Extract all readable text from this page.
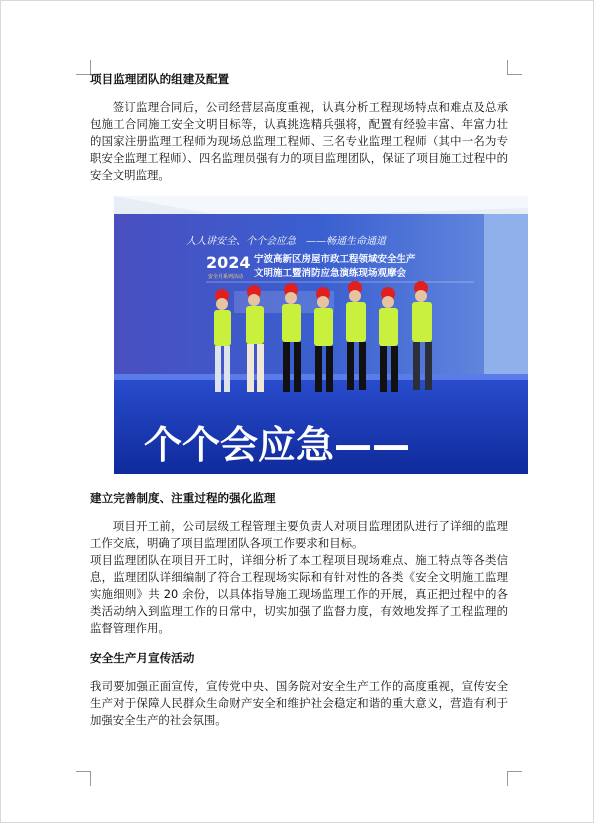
项目监理团队的组建及配置

签订监理合同后，公司经营层高度重视，认真分析工程现场特点和难点及总承包施工合同施工安全文明目标等，认真挑选精兵强将，配置有经验丰富、年富力壮的国家注册监理工程师为现场总监理工程师、三名专业监理工程师（其中一名为专职安全监理工程师）、四名监理员强有力的项目监理团队，保证了项目施工过程中的安全文明监理。

人人讲安全、个个会应急　——畅通生命通道
2024
安全月系列活动
宁波高新区房屋市政工程领域安全生产
文明施工暨消防应急演练现场观摩会
个个会应急——

建立完善制度、注重过程的强化监理

项目开工前，公司层级工程管理主要负责人对项目监理团队进行了详细的监理工作交底，明确了项目监理团队各项工作要求和目标。

项目监理团队在项目开工时，详细分析了本工程项目现场难点、施工特点等各类信息，监理团队详细编制了符合工程现场实际和有针对性的各类《安全文明施工监理实施细则》共 20 余份，以具体指导施工现场监理工作的开展，真正把过程中的各类活动纳入到监理工作的日常中，切实加强了监督力度，有效地发挥了工程监理的监督管理作用。

安全生产月宣传活动

我司要加强正面宣传，宣传党中央、国务院对安全生产工作的高度重视，宣传安全生产对于保障人民群众生命财产安全和维护社会稳定和谐的重大意义，营造有利于加强安全生产的社会氛围。
